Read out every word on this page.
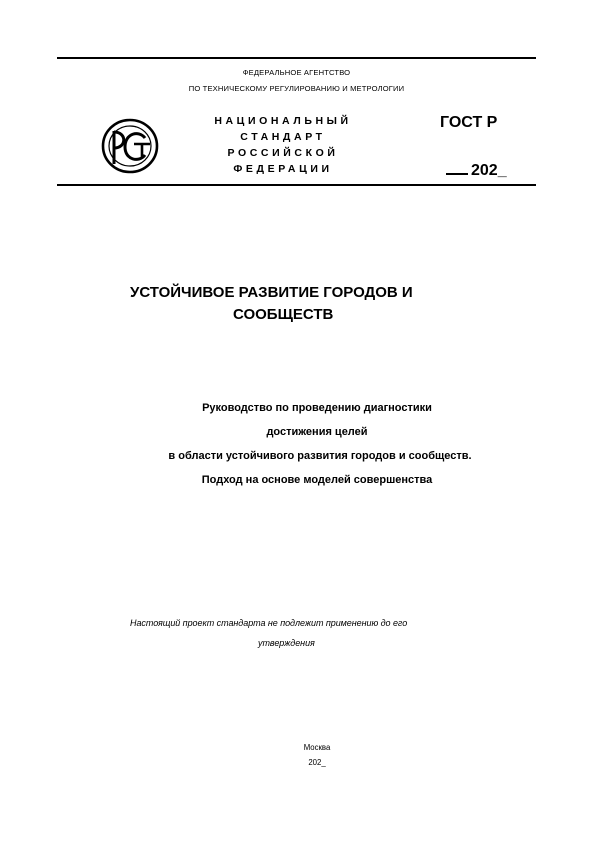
ФЕДЕРАЛЬНОЕ АГЕНТСТВО
ПО ТЕХНИЧЕСКОМУ РЕГУЛИРОВАНИЮ И МЕТРОЛОГИИ
НАЦИОНАЛЬНЫЙ
СТАНДАРТ
РОССИЙСКОЙ
ФЕДЕРАЦИИ
ГОСТ Р
202_
УСТОЙЧИВОЕ РАЗВИТИЕ ГОРОДОВ И
СООБЩЕСТВ
Руководство по проведению диагностики
достижения целей
в области устойчивого развития городов и сообществ.
Подход на основе моделей совершенства
Настоящий проект стандарта не подлежит применению до его
утверждения
Москва
202_
